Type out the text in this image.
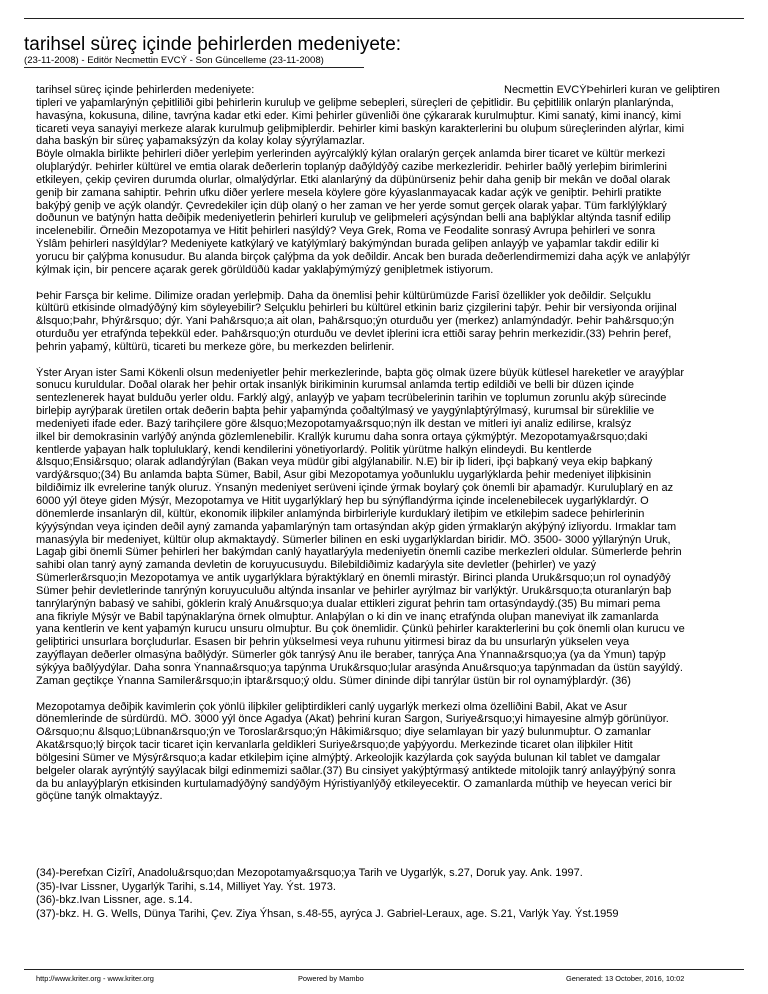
tarihsel süreç içinde þehirlerden medeniyete:
(23-11-2008) - Editör Necmettin EVCÝ - Son Güncelleme (23-11-2008)

tarihsel süreç içinde þehirlerden medeniyete:	Necmettin EVCÝÞehirleri kuran ve geliþtiren

tipleri ve yaþamlarýnýn çeþitliliði gibi þehirlerin kuruluþ ve geliþme sebepleri, süreçleri de çeþitlidir. Bu çeþitlilik onlarýn planlarýnda,
havasýna, kokusuna, diline, tavrýna kadar etki eder. Kimi þehirler güvenliði öne çýkararak kurulmuþtur. Kimi sanatý, kimi inancý, kimi
ticareti veya sanayiyi merkeze alarak kurulmuþ geliþmiþlerdir. Þehirler kimi baskýn karakterlerini bu oluþum süreçlerinden alýrlar, kimi
daha baskýn bir süreç yaþamaksýzýn da kolay kolay sýyrýlamazlar.
Böyle olmakla birlikte þehirleri diðer yerleþim yerlerinden ayýrcalýklý kýlan oralarýn gerçek anlamda birer ticaret ve kültür merkezi
oluþlarýdýr. Þehirler kültürel ve emtia olarak deðerlerin toplanýp daðýldýðý cazibe merkezleridir. Þehirler baðlý yerleþim birimlerini
etkileyen, çekip çeviren durumda olurlar, olmalýdýrlar. Etki alanlarýný da düþünürseniz þehir daha geniþ bir mekân ve doðal olarak
geniþ bir zamana sahiptir. Þehrin ufku diðer yerlere mesela köylere göre kýyaslanmayacak kadar açýk ve geniþtir. Þehirli pratikte
bakýþý geniþ ve açýk olandýr. Çevredekiler için düþ olaný o her zaman ve her yerde somut gerçek olarak yaþar. Tüm farklýlýklarý
doðunun ve batýnýn hatta deðiþik medeniyetlerin þehirleri kuruluþ ve geliþmeleri açýsýndan belli ana baþlýklar altýnda tasnif edilip
incelenebilir. Örneðin Mezopotamya ve Hitit þehirleri nasýldý? Veya Grek, Roma ve Feodalite sonrasý Avrupa þehirleri ve sonra
Ýslâm þehirleri nasýldýlar? Medeniyete katkýlarý ve katýlýmlarý bakýmýndan burada geliþen anlayýþ ve yaþamlar takdir edilir ki
yorucu bir çalýþma konusudur. Bu alanda birçok çalýþma da yok deðildir. Ancak ben burada deðerlendirmemizi daha açýk ve anlaþýlýr
kýlmak için, bir pencere açarak gerek görüldüðü kadar yaklaþýmýmýzý geniþletmek istiyorum.

Þehir Farsça bir kelime. Dilimize oradan yerleþmiþ. Daha da önemlisi þehir kültürümüzde Farisî özellikler yok deðildir. Selçuklu
kültürü etkisinde olmadýðýný kim söyleyebilir? Selçuklu þehirleri bu kültürel etkinin bariz çizgilerini taþýr. Þehir bir versiyonda orijinal
&lsquo;Þahr, Þhýr&rsquo; dýr. Yani Þah&rsquo;a ait olan, Þah&rsquo;ýn oturduðu yer (merkez) anlamýndadýr. Þehir Þah&rsquo;ýn
oturduðu yer etrafýnda teþekkül eder. Þah&rsquo;ýn oturduðu ve devlet iþlerini icra ettiði saray þehrin merkezidir.(33) Þehrin þeref,
þehrin yaþamý, kültürü, ticareti bu merkeze göre, bu merkezden belirlenir.

Ýster Aryan ister Sami Kökenli olsun medeniyetler þehir merkezlerinde, baþta göç olmak üzere büyük kütlesel hareketler ve arayýþlar
sonucu kuruldular. Doðal olarak her þehir ortak insanlýk birikiminin kurumsal anlamda tertip edildiði ve belli bir düzen içinde
sentezlenerek hayat bulduðu yerler oldu. Farklý algý, anlayýþ ve yaþam tecrübelerinin tarihin ve toplumun zorunlu akýþ sürecinde
birleþip ayrýþarak üretilen ortak deðerin baþta þehir yaþamýnda çoðaltýlmasý ve yaygýnlaþtýrýlmasý, kurumsal bir süreklilie ve
medeniyeti ifade eder. Bazý tarihçilere göre &lsquo;Mezopotamya&rsquo;nýn ilk destan ve mitleri iyi analiz edilirse, kralsýz
ilkel bir demokrasinin varlýðý anýnda gözlemlenebilir. Krallýk kurumu daha sonra ortaya çýkmýþtýr. Mezopotamya&rsquo;daki
kentlerde yaþayan halk topluluklarý, kendi kendilerini yönetiyorlardý. Politik yürütme halkýn elindeydi. Bu kentlerde
&lsquo;Ensi&rsquo; olarak adlandýrýlan (Bakan veya müdür gibi algýlanabilir. N.E) bir iþ lideri, iþçi baþkaný veya ekip baþkaný
vardý&rsquo;(34) Bu anlamda baþta Sümer, Babil, Asur gibi Mezopotamya yoðunluklu uygarlýklarda þehir medeniyet iliþkisinin
bildiðimiz ilk evrelerine tanýk oluruz. Ýnsanýn medeniyet serüveni içinde ýrmak boylarý çok önemli bir aþamadýr. Kuruluþlarý en az
6000 yýl öteye giden Mýsýr, Mezopotamya ve Hitit uygarlýklarý hep bu sýnýflandýrma içinde incelenebilecek uygarlýklardýr. O
dönemlerde insanlarýn dil, kültür, ekonomik iliþkiler anlamýnda birbirleriyle kurduklarý iletiþim ve etkileþim sadece þehirlerinin
kýyýsýndan veya içinden deðil ayný zamanda yaþamlarýnýn tam ortasýndan akýp giden ýrmaklarýn akýþýný izliyordu. Irmaklar tam
manasýyla bir medeniyet, kültür olup akmaktaydý. Sümerler bilinen en eski uygarlýklardan biridir. MÖ. 3500- 3000 yýllarýnýn Uruk,
Lagaþ gibi önemli Sümer þehirleri her bakýmdan canlý hayatlarýyla medeniyetin önemli cazibe merkezleri oldular. Sümerlerde þehrin
sahibi olan tanrý ayný zamanda devletin de koruyucusuydu. Bilebildiðimiz kadarýyla site devletler (þehirler) ve yazý
Sümerler&rsquo;in Mezopotamya ve antik uygarlýklara býraktýklarý en önemli mirastýr. Birinci planda Uruk&rsquo;un rol oynadýðý
Sümer þehir devletlerinde tanrýnýn koruyuculuðu altýnda insanlar ve þehirler ayrýlmaz bir varlýktýr. Uruk&rsquo;ta oturanlarýn baþ
tanrýlarýnýn babasý ve sahibi, göklerin kralý Anu&rsquo;ya dualar ettikleri zigurat þehrin tam ortasýndaydý.(35) Bu mimari pema
ana fikriyle Mýsýr ve Babil tapýnaklarýna örnek olmuþtur. Anlaþýlan o ki din ve inanç etrafýnda oluþan maneviyat ilk zamanlarda
yana kentlerin ve kent yaþamýn kurucu unsuru olmuþtur. Bu çok önemlidir. Çünkü þehirler karakterlerini bu çok önemli olan kurucu ve
geliþtirici unsurlara borçludurlar. Esasen bir þehrin yükselmesi veya ruhunu yitirmesi biraz da bu unsurlarýn yükselen veya
zayýflayan deðerler olmasýna baðlýdýr. Sümerler gök tanrýsý Anu ile beraber, tanrýça Ana Ýnanna&rsquo;ya (ya da Ýmun) tapýp
sýkýya baðlýydýlar. Daha sonra Ýnanna&rsquo;ya tapýnma Uruk&rsquo;lular arasýnda Anu&rsquo;ya tapýnmadan da üstün sayýldý.
Zaman geçtikçe Ýnanna Samiler&rsquo;in iþtar&rsquo;ý oldu. Sümer dininde diþi tanrýlar üstün bir rol oynamýþlardýr. (36)

Mezopotamya deðiþik kavimlerin çok yönlü iliþkiler geliþtirdikleri canlý uygarlýk merkezi olma özelliðini Babil, Akat ve Asur
dönemlerinde de sürdürdü. MÖ. 3000 yýl önce Agadya (Akat) þehrini kuran Sargon, Suriye&rsquo;yi himayesine almýþ görünüyor.
O&rsquo;nu &lsquo;Lübnan&rsquo;ýn ve Toroslar&rsquo;ýn Hâkimi&rsquo; diye selamlayan bir yazý bulunmuþtur. O zamanlar
Akat&rsquo;lý birçok tacir ticaret için kervanlarla geldikleri Suriye&rsquo;de yaþýyordu. Merkezinde ticaret olan iliþkiler Hitit
bölgesini Sümer ve Mýsýr&rsquo;a kadar etkileþim içine almýþtý. Arkeolojik kazýlarda çok sayýda bulunan kil tablet ve damgalar
belgeler olarak ayrýntýlý sayýlacak bilgi edinmemizi saðlar.(37) Bu cinsiyet yakýþtýrmasý antiktede mitolojik tanrý anlayýþýný sonra
da bu anlayýþlarýn etkisinden kurtulamadýðýný sandýðým Hýristiyanlýðý etkileyecektir. O zamanlarda müthiþ ve heyecan verici bir
göçüne tanýk olmaktayýz.

(34)-Þerefxan Cizîrî, Anadolu&rsquo;dan Mezopotamya&rsquo;ya Tarih ve Uygarlýk, s.27, Doruk yay. Ank. 1997.
(35)-Ivar Lissner, Uygarlýk Tarihi, s.14, Milliyet Yay. Ýst. 1973.
(36)-bkz.Ivan Lissner, age. s.14.
(37)-bkz. H. G. Wells, Dünya Tarihi, Çev. Ziya Ýhsan, s.48-55, ayrýca J. Gabriel-Leraux, age. S.21, Varlýk Yay. Ýst.1959
http://www.kriter.org - www.kriter.org	Powered by Mambo	Generated: 13 October, 2016, 10:02
